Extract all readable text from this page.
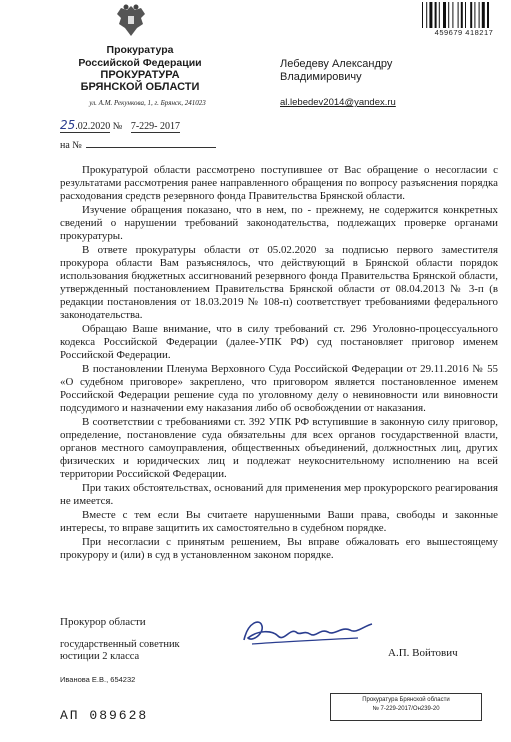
459679 418217
Прокуратура
Российской Федерации
ПРОКУРАТУРА
БРЯНСКОЙ ОБЛАСТИ
ул. А.М. Рекункова, 1, г. Брянск, 241023
25.02.2020 № 7-229- 2017
на №
Лебедеву Александру
Владимировичу
al.lebedev2014@yandex.ru

Прокуратурой области рассмотрено поступившее от Вас обращение о несогласии с результатами рассмотрения ранее направленного обращения по вопросу разъяснения порядка расходования средств резервного фонда Правительства Брянской области.

Изучение обращения показано, что в нем, по - прежнему, не содержится конкретных сведений о нарушении требований законодательства, подлежащих проверке органами прокуратуры.

В ответе прокуратуры области от 05.02.2020 за подписью первого заместителя прокурора области Вам разъяснялось, что действующий в Брянской области порядок использования бюджетных ассигнований резервного фонда Правительства Брянской области, утвержденный постановлением Правительства Брянской области от 08.04.2013 № 3-п (в редакции постановления от 18.03.2019 № 108-п) соответствует требованиями федерального законодательства.

Обращаю Ваше внимание, что в силу требований ст. 296 Уголовно-процессуального кодекса Российской Федерации (далее-УПК РФ) суд постановляет приговор именем Российской Федерации.

В постановлении Пленума Верховного Суда Российской Федерации от 29.11.2016 № 55 «О судебном приговоре» закреплено, что приговором является постановленное именем Российской Федерации решение суда по уголовному делу о невиновности или виновности подсудимого и назначении ему наказания либо об освобождении от наказания.

В соответствии с требованиями ст. 392 УПК РФ вступившие в законную силу приговор, определение, постановление суда обязательны для всех органов государственной власти, органов местного самоуправления, общественных объединений, должностных лиц, других физических и юридических лиц и подлежат неукоснительному исполнению на всей территории Российской Федерации.

При таких обстоятельствах, оснований для применения мер прокурорского реагирования не имеется.

Вместе с тем если Вы считаете нарушенными Ваши права, свободы и законные интересы, то вправе защитить их самостоятельно в судебном порядке.

При несогласии с принятым решением, Вы вправе обжаловать его вышестоящему прокурору и (или) в суд в установленном законом порядке.

Прокурор области
государственный советник
юстиции 2 класса	А.П. Войтович
Иванова Е.В., 654232
АП 089628
Прокуратура Брянской области
№ 7-229-2017/Он239-20
